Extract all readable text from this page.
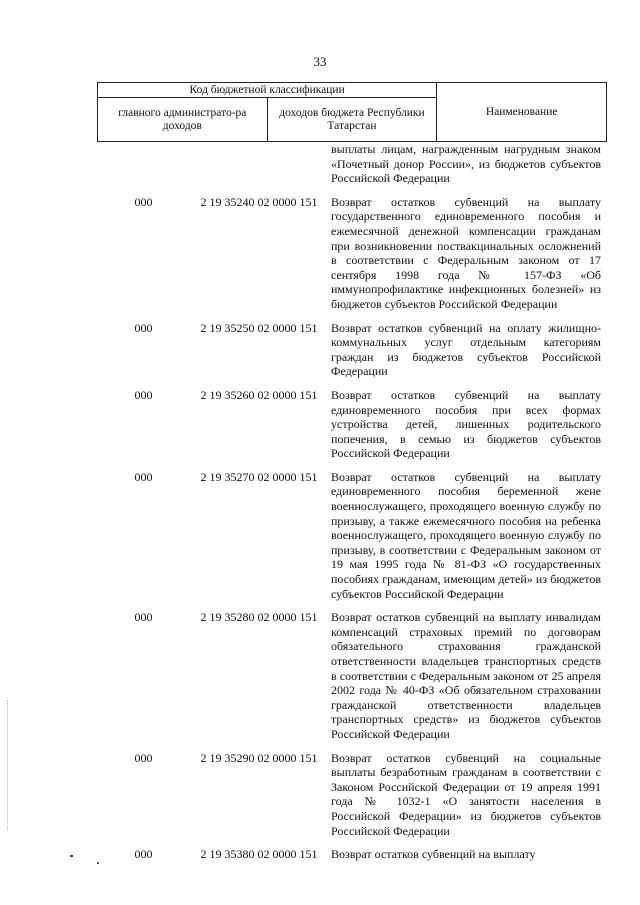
33
Код бюджетной классификации		Наименование
главного администрато-ра доходов	доходов бюджета Республики Татарстан	
выплаты лицам, награжденным нагрудным знаком «Почетный донор России», из бюджетов субъектов Российской Федерации
000	2 19 35240 02 0000 151	Возврат остатков субвенций на выплату государственного единовременного пособия и ежемесячной денежной компенсации гражданам при возникновении поствакцинальных осложнений в соответствии с Федеральным законом от 17 сентября 1998 года № 157-ФЗ «Об иммунопрофилактике инфекционных болезней» из бюджетов субъектов Российской Федерации
000	2 19 35250 02 0000 151	Возврат остатков субвенций на оплату жилищно-коммунальных услуг отдельным категориям граждан из бюджетов субъектов Российской Федерации
000	2 19 35260 02 0000 151	Возврат остатков субвенций на выплату единовременного пособия при всех формах устройства детей, лишенных родительского попечения, в семью из бюджетов субъектов Российской Федерации
000	2 19 35270 02 0000 151	Возврат остатков субвенций на выплату единовременного пособия беременной жене военнослужащего, проходящего военную службу по призыву, а также ежемесячного пособия на ребенка военнослужащего, проходящего военную службу по призыву, в соответствии с Федеральным законом от 19 мая 1995 года № 81-ФЗ «О государственных пособиях гражданам, имеющим детей» из бюджетов субъектов Российской Федерации
000	2 19 35280 02 0000 151	Возврат остатков субвенций на выплату инвалидам компенсаций страховых премий по договорам обязательного страхования гражданской ответственности владельцев транспортных средств в соответствии с Федеральным законом от 25 апреля 2002 года № 40-ФЗ «Об обязательном страховании гражданской ответственности владельцев транспортных средств» из бюджетов субъектов Российской Федерации
000	2 19 35290 02 0000 151	Возврат остатков субвенций на социальные выплаты безработным гражданам в соответствии с Законом Российской Федерации от 19 апреля 1991 года № 1032-1 «О занятости населения в Российской Федерации» из бюджетов субъектов Российской Федерации
000	2 19 35380 02 0000 151	Возврат остатков субвенций на выплату
